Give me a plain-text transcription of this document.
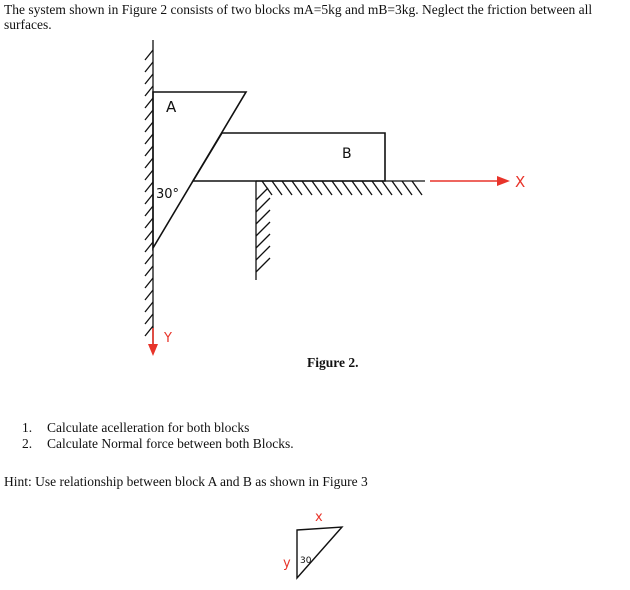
The system shown in Figure 2 consists of two blocks mA=5kg and mB=3kg. Neglect the friction between all surfaces.
A
B
30°
X
Y
x
y 30
Figure 2.
1. Calculate acelleration for both blocks
2. Calculate Normal force between both Blocks.
Hint: Use relationship between block A and B as shown in Figure 3
